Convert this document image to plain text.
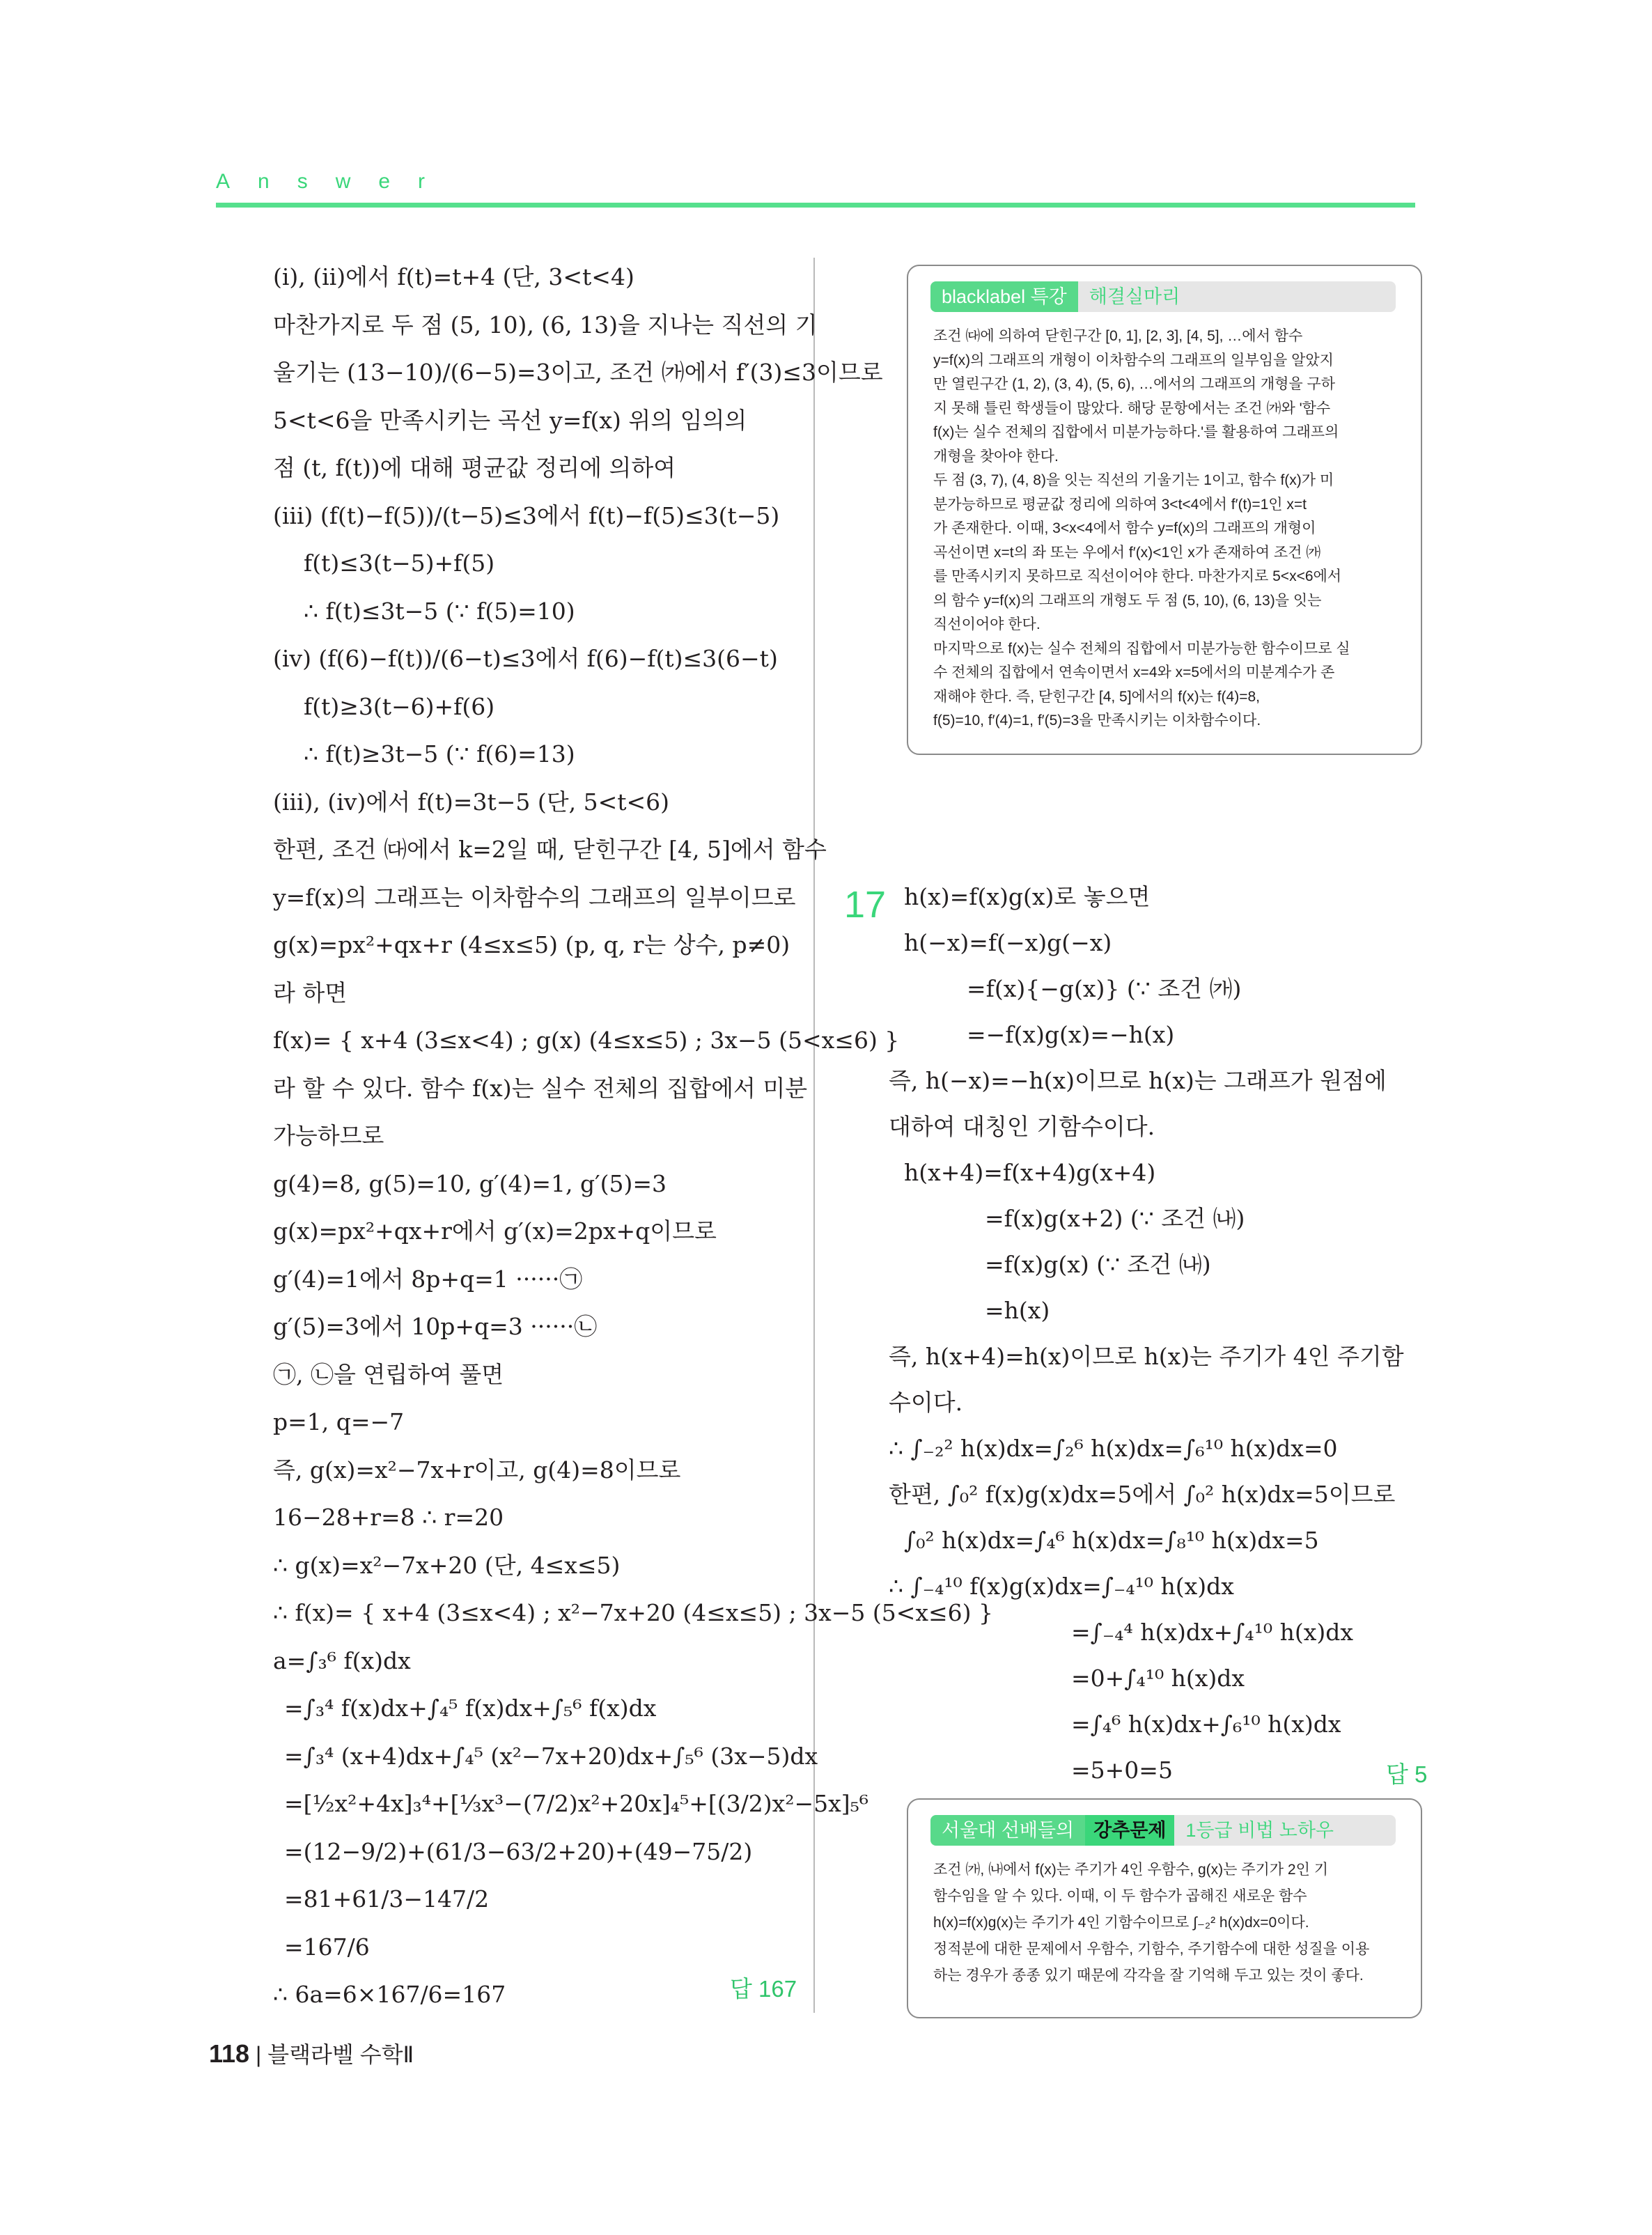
Answer
(ⅰ), (ⅱ)에서 f(t)=t+4 (단, 3<t<4)
마찬가지로 두 점 (5, 10), (6, 13)을 지나는 직선의 기
울기는 (13−10)/(6−5)=3이고, 조건 ㈎에서 f′(3)≤3이므로
5<t<6을 만족시키는 곡선 y=f(x) 위의 임의의
점 (t, f(t))에 대해 평균값 정리에 의하여
(ⅲ) (f(t)−f(5))/(t−5)≤3에서 f(t)−f(5)≤3(t−5)
f(t)≤3(t−5)+f(5)
∴ f(t)≤3t−5 (∵ f(5)=10)
(ⅳ) (f(6)−f(t))/(6−t)≤3에서 f(6)−f(t)≤3(6−t)
f(t)≥3(t−6)+f(6)
∴ f(t)≥3t−5 (∵ f(6)=13)
(ⅲ), (ⅳ)에서 f(t)=3t−5 (단, 5<t<6)
한편, 조건 ㈐에서 k=2일 때, 닫힌구간 [4, 5]에서 함수
y=f(x)의 그래프는 이차함수의 그래프의 일부이므로
g(x)=px²+qx+r (4≤x≤5) (p, q, r는 상수, p≠0)
라 하면
f(x)= { x+4 (3≤x<4) ; g(x) (4≤x≤5) ; 3x−5 (5<x≤6) }
라 할 수 있다. 함수 f(x)는 실수 전체의 집합에서 미분
가능하므로
g(4)=8, g(5)=10, g′(4)=1, g′(5)=3
g(x)=px²+qx+r에서 g′(x)=2px+q이므로
g′(4)=1에서 8p+q=1 ······㉠
g′(5)=3에서 10p+q=3 ······㉡
㉠, ㉡을 연립하여 풀면
p=1, q=−7
즉, g(x)=x²−7x+r이고, g(4)=8이므로
16−28+r=8 ∴ r=20
∴ g(x)=x²−7x+20 (단, 4≤x≤5)
∴ f(x)= { x+4 (3≤x<4) ; x²−7x+20 (4≤x≤5) ; 3x−5 (5<x≤6) }
a=∫₃⁶ f(x)dx
=∫₃⁴ f(x)dx+∫₄⁵ f(x)dx+∫₅⁶ f(x)dx
=∫₃⁴ (x+4)dx+∫₄⁵ (x²−7x+20)dx+∫₅⁶ (3x−5)dx
=[½x²+4x]₃⁴+[⅓x³−(7/2)x²+20x]₄⁵+[(3/2)x²−5x]₅⁶
=(12−9/2)+(61/3−63/2+20)+(49−75/2)
=81+61/3−147/2
=167/6
∴ 6a=6×167/6=167	답 167
blacklabel 특강 해결실마리
조건 ㈐에 의하여 닫힌구간 [0, 1], [2, 3], [4, 5], …에서 함수
y=f(x)의 그래프의 개형이 이차함수의 그래프의 일부임을 알았지
만 열린구간 (1, 2), (3, 4), (5, 6), …에서의 그래프의 개형을 구하
지 못해 틀린 학생들이 많았다. 해당 문항에서는 조건 ㈎와 '함수
f(x)는 실수 전체의 집합에서 미분가능하다.'를 활용하여 그래프의
개형을 찾아야 한다.
두 점 (3, 7), (4, 8)을 잇는 직선의 기울기는 1이고, 함수 f(x)가 미
분가능하므로 평균값 정리에 의하여 3<t<4에서 f′(t)=1인 x=t
가 존재한다. 이때, 3<x<4에서 함수 y=f(x)의 그래프의 개형이
곡선이면 x=t의 좌 또는 우에서 f′(x)<1인 x가 존재하여 조건 ㈎
를 만족시키지 못하므로 직선이어야 한다. 마찬가지로 5<x<6에서
의 함수 y=f(x)의 그래프의 개형도 두 점 (5, 10), (6, 13)을 잇는
직선이어야 한다.
마지막으로 f(x)는 실수 전체의 집합에서 미분가능한 함수이므로 실
수 전체의 집합에서 연속이면서 x=4와 x=5에서의 미분계수가 존
재해야 한다. 즉, 닫힌구간 [4, 5]에서의 f(x)는 f(4)=8,
f(5)=10, f′(4)=1, f′(5)=3을 만족시키는 이차함수이다.
17 h(x)=f(x)g(x)로 놓으면
h(−x)=f(−x)g(−x)
=f(x){−g(x)} (∵ 조건 ㈎)
=−f(x)g(x)=−h(x)
즉, h(−x)=−h(x)이므로 h(x)는 그래프가 원점에
대하여 대칭인 기함수이다.
h(x+4)=f(x+4)g(x+4)
=f(x)g(x+2) (∵ 조건 ㈏)
=f(x)g(x) (∵ 조건 ㈏)
=h(x)
즉, h(x+4)=h(x)이므로 h(x)는 주기가 4인 주기함
수이다.
∴ ∫₋₂² h(x)dx=∫₂⁶ h(x)dx=∫₆¹⁰ h(x)dx=0
한편, ∫₀² f(x)g(x)dx=5에서 ∫₀² h(x)dx=5이므로
∫₀² h(x)dx=∫₄⁶ h(x)dx=∫₈¹⁰ h(x)dx=5
∴ ∫₋₄¹⁰ f(x)g(x)dx=∫₋₄¹⁰ h(x)dx
=∫₋₄⁴ h(x)dx+∫₄¹⁰ h(x)dx
=0+∫₄¹⁰ h(x)dx
=∫₄⁶ h(x)dx+∫₆¹⁰ h(x)dx
=5+0=5	답 5
서울대 선배들의 강추문제 1등급 비법 노하우
조건 ㈎, ㈏에서 f(x)는 주기가 4인 우함수, g(x)는 주기가 2인 기
함수임을 알 수 있다. 이때, 이 두 함수가 곱해진 새로운 함수
h(x)=f(x)g(x)는 주기가 4인 기함수이므로 ∫₋₂² h(x)dx=0이다.
정적분에 대한 문제에서 우함수, 기함수, 주기함수에 대한 성질을 이용
하는 경우가 종종 있기 때문에 각각을 잘 기억해 두고 있는 것이 좋다.
118 | 블랙라벨 수학Ⅱ
